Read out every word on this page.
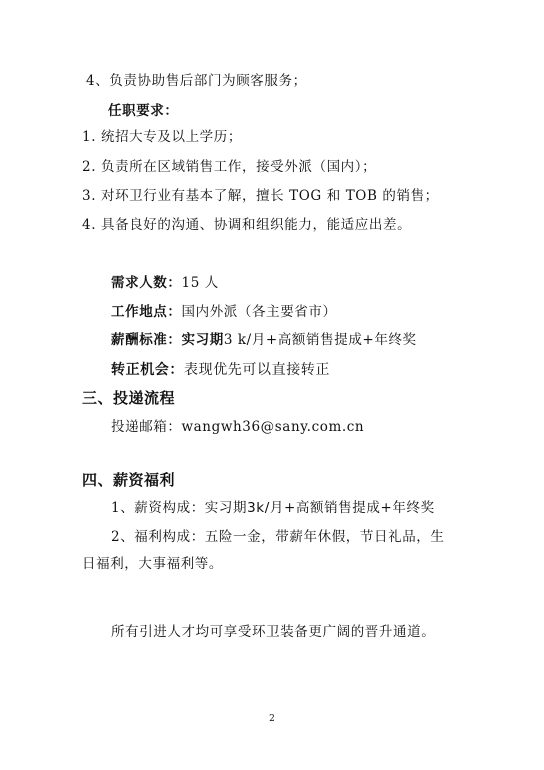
4、负责协助售后部门为顾客服务；
任职要求：
1. 统招大专及以上学历；
2. 负责所在区域销售工作，接受外派（国内）；
3. 对环卫行业有基本了解，擅长 TOG 和 TOB 的销售；
4. 具备良好的沟通、协调和组织能力，能适应出差。
需求人数：15 人
工作地点：国内外派（各主要省市）
薪酬标准：实习期3 k/月+高额销售提成+年终奖
转正机会：表现优先可以直接转正
三、投递流程
投递邮箱：wangwh36@sany.com.cn
四、薪资福利
1、薪资构成：实习期3k/月+高额销售提成+年终奖
2、福利构成：五险一金，带薪年休假，节日礼品，生
日福利，大事福利等。
所有引进人才均可享受环卫装备更广阔的晋升通道。
2
